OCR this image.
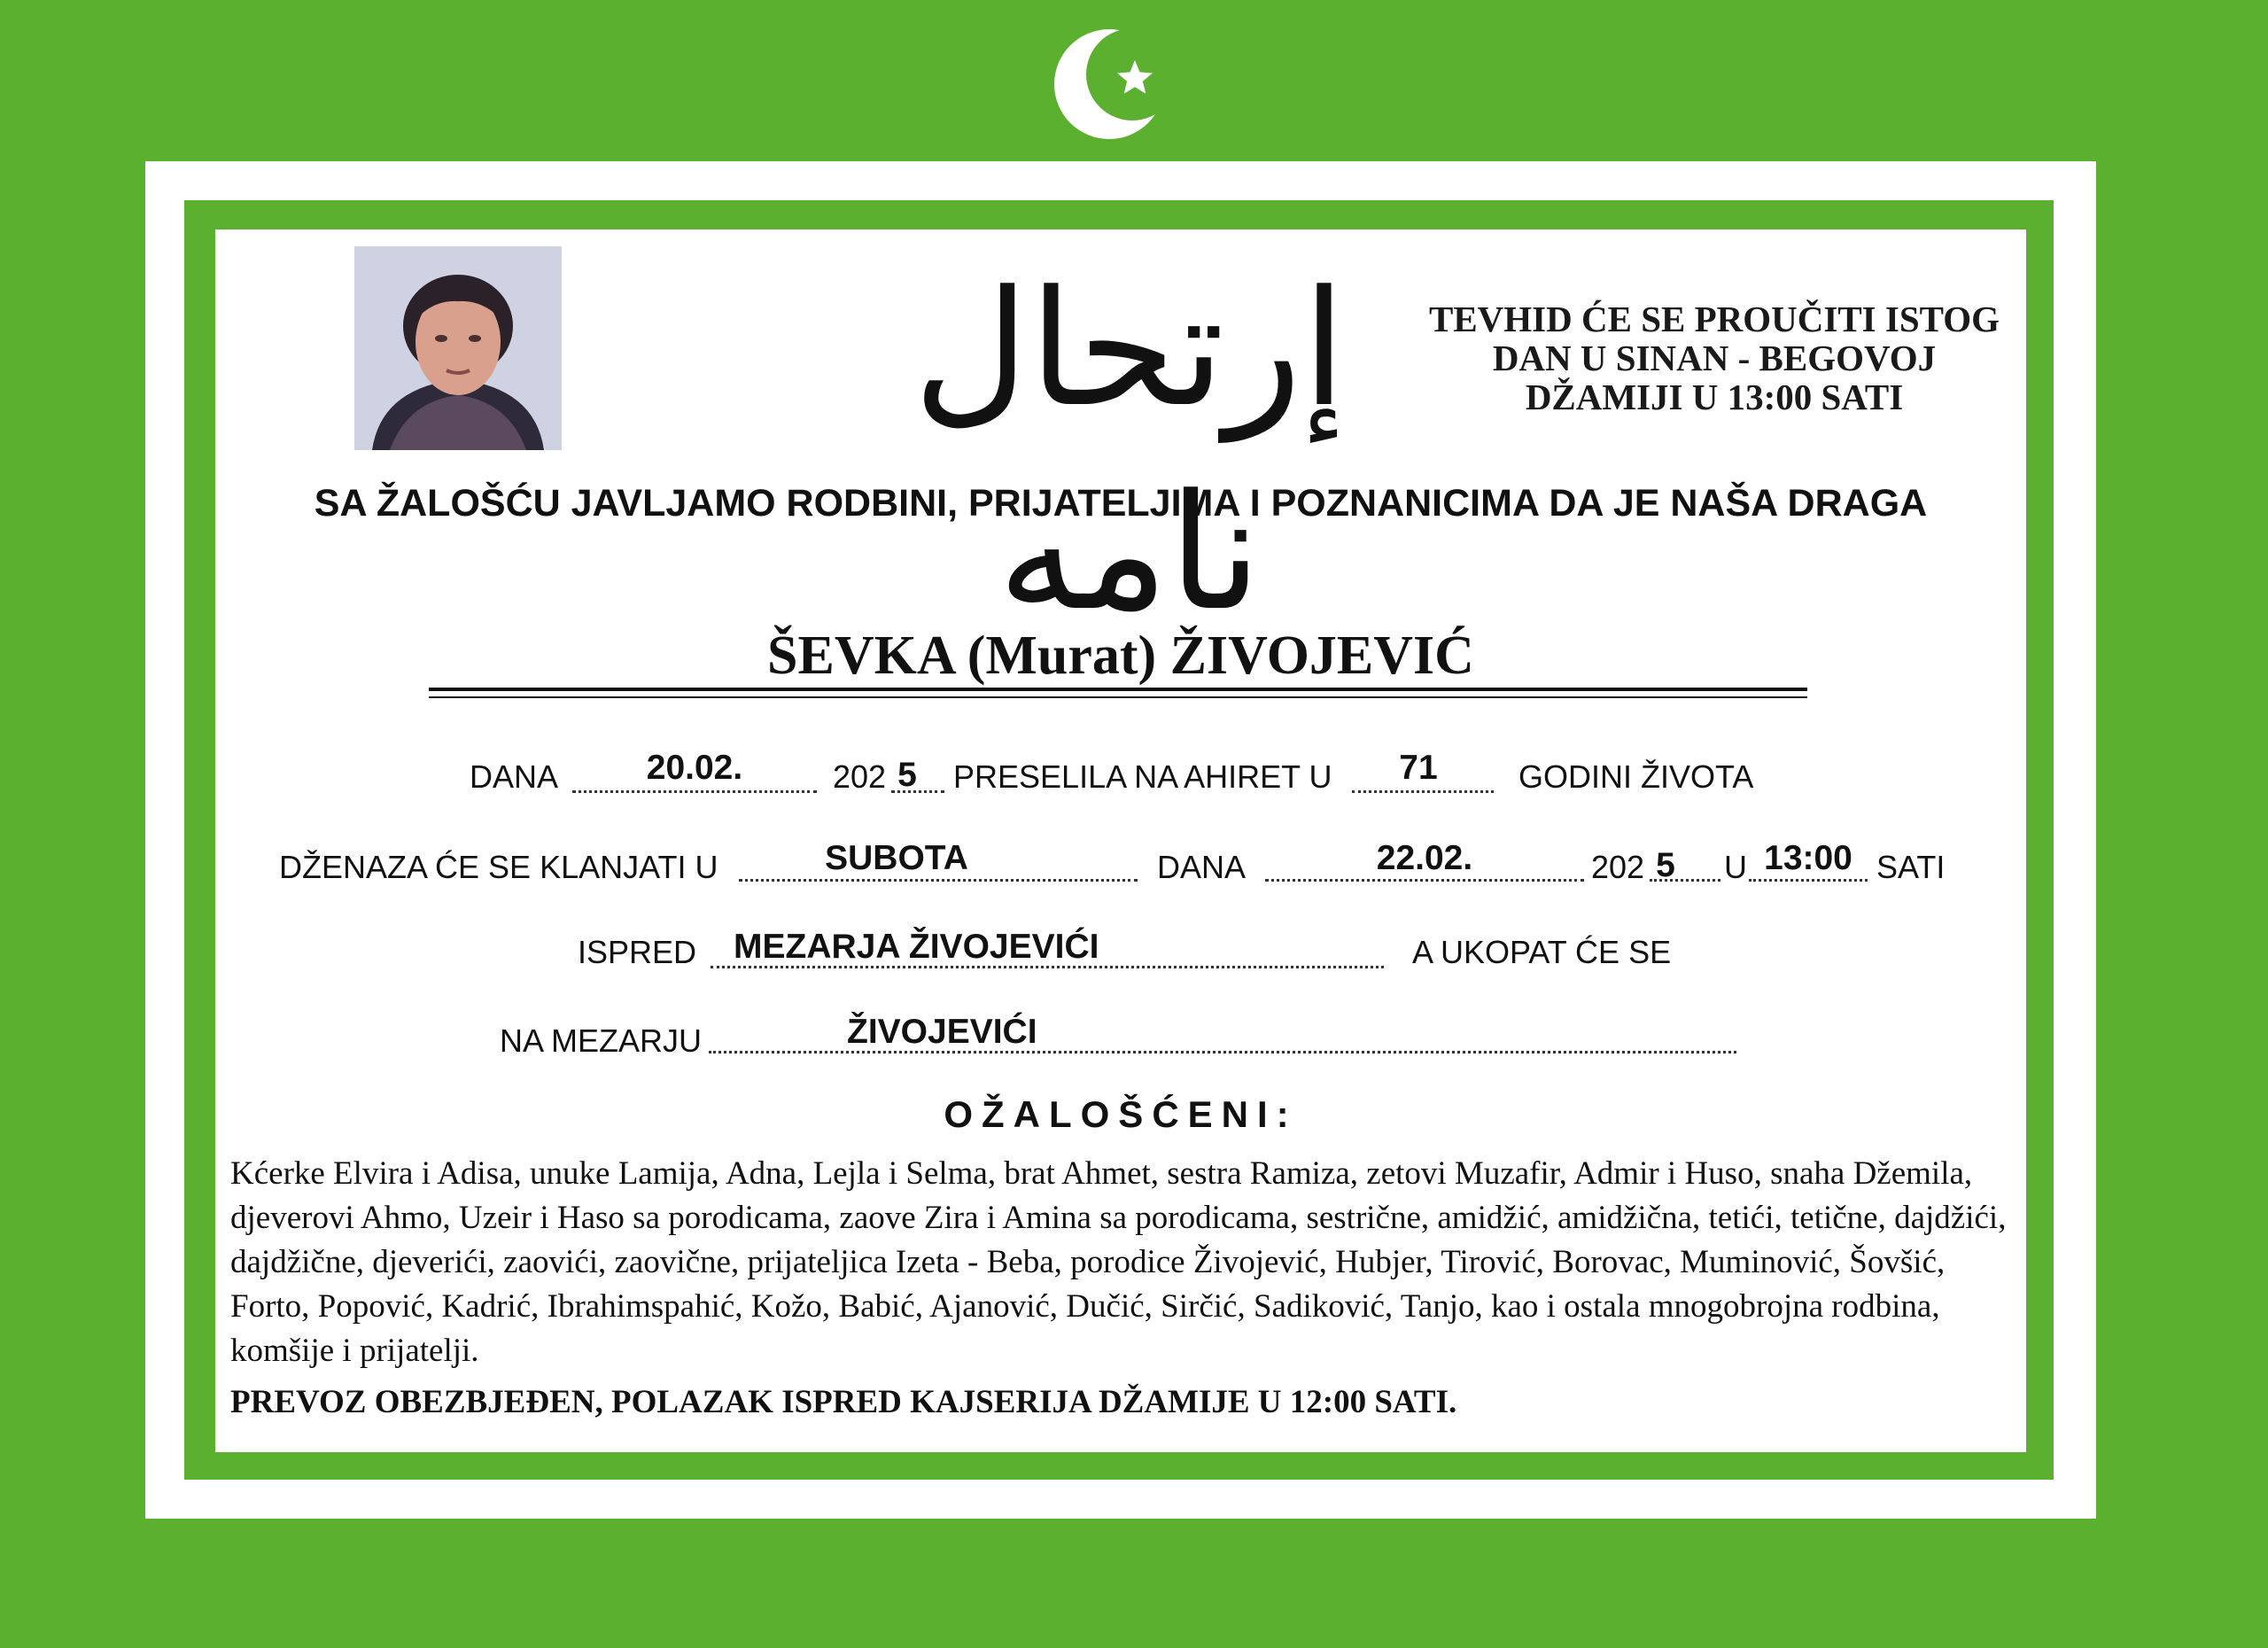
إرتحال نامه
TEVHID ĆE SE PROUČITI ISTOG
DAN U SINAN - BEGOVOJ
DŽAMIJI U 13:00 SATI
SA ŽALOŠĆU JAVLJAMO RODBINI, PRIJATELJIMA I POZNANICIMA DA JE NAŠA DRAGA
ŠEVKA (Murat) ŽIVOJEVIĆ
DANA	20.02.	202 5 PRESELILA NA AHIRET U	71	GODINI ŽIVOTA
DŽENAZA ĆE SE KLANJATI U	SUBOTA	DANA	22.02.	202 5 U 13:00 SATI
ISPRED MEZARJA ŽIVOJEVIĆI	A UKOPAT ĆE SE
NA MEZARJU	ŽIVOJEVIĆI
OŽALOŠĆENI:
Kćerke Elvira i Adisa, unuke Lamija, Adna, Lejla i Selma, brat Ahmet, sestra Ramiza, zetovi Muzafir, Admir i Huso, snaha Džemila, djeverovi Ahmo, Uzeir i Haso sa porodicama, zaove Zira i Amina sa porodicama, sestrične, amidžić, amidžična, tetići, tetične, dajdžići, dajdžične, djeverići, zaovići, zaovične, prijateljica Izeta - Beba, porodice Živojević, Hubjer, Tirović, Borovac, Muminović, Šovšić, Forto, Popović, Kadrić, Ibrahimspahić, Kožo, Babić, Ajanović, Dučić, Sirčić, Sadiković, Tanjo, kao i ostala mnogobrojna rodbina, komšije i prijatelji.
PREVOZ OBEZBJEĐEN, POLAZAK ISPRED KAJSERIJA DŽAMIJE U 12:00 SATI.
